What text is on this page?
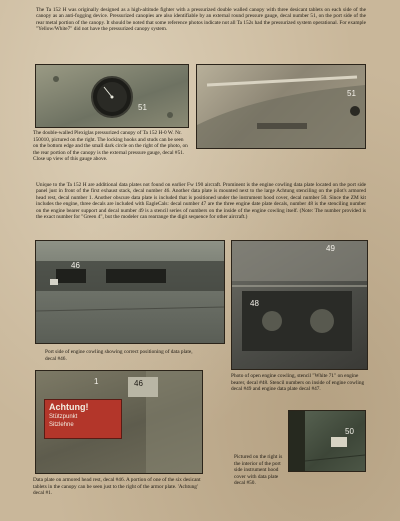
The Ta 152 H was originally designed as a high-altitude fighter with a pressurized double walled canopy with three desicant tablets on each side of the canopy as an anti-fogging device. Pressurized canopies are also identifiable by an external round pressure gauge, decal number 51, on the port side of the rear metal portion of the canopy. It should be noted that some reference photos indicate not all Ta 152s had the pressurized system operational. For example "Yellow/White7" did not have the pressurized canopy system.
51
51
The double-walled Plexiglas pressurized canopy of Ta 152 H-0 W. Nr. 150010, pictured on the right. The locking hooks and studs can be seen on the bottom edge and the small dark circle on the right of the photo, on the rear portion of the canopy is the external pressure gauge, decal #51. Close up view of this gauge above.
Unique to the Ta 152 H are additional data plates not found on earlier Fw 190 aircraft. Prominent is the engine cowling data plate located on the port side panel just in front of the first exhaust stack, decal number 46. Another data plate is mounted next to the large Achtung stenciling on the pilot's armored head rest, decal number 1. Another obscure data plate is included that is positioned under the instrument hood cover, decal number 50. Since the ZM kit includes the engine, three decals are included with EagleCals: decal number 47 are the three engine date plate decals, number 48 is the stenciling number on the engine bearer support and decal number 49 is a stencil series of numbers on the inside of the engine cowling itself. (Note: The number provided is the exact number for "Green 4", but the modeler can rearrange the digit sequence for other aircraft.)
46
Port side of engine cowling showing correct positioning of data plate, decal #46.
49
48
Photo of open engine cowling, stencil "White 71" on engine bearer, decal #48. Stencil numbers on inside of engine cowling decal #49 and engine data plate decal #47.
Achtung!
Stützpunkt
Sitzlehne
1	46
Data plate on armored head rest, decal #46. A portion of one of the six desicant tablets in the canopy can be seen just to the right of the armor plate. 'Achtung' decal #1.
50
Pictured on the right is the interior of the port side instrument hood cover with data plate decal #50.
